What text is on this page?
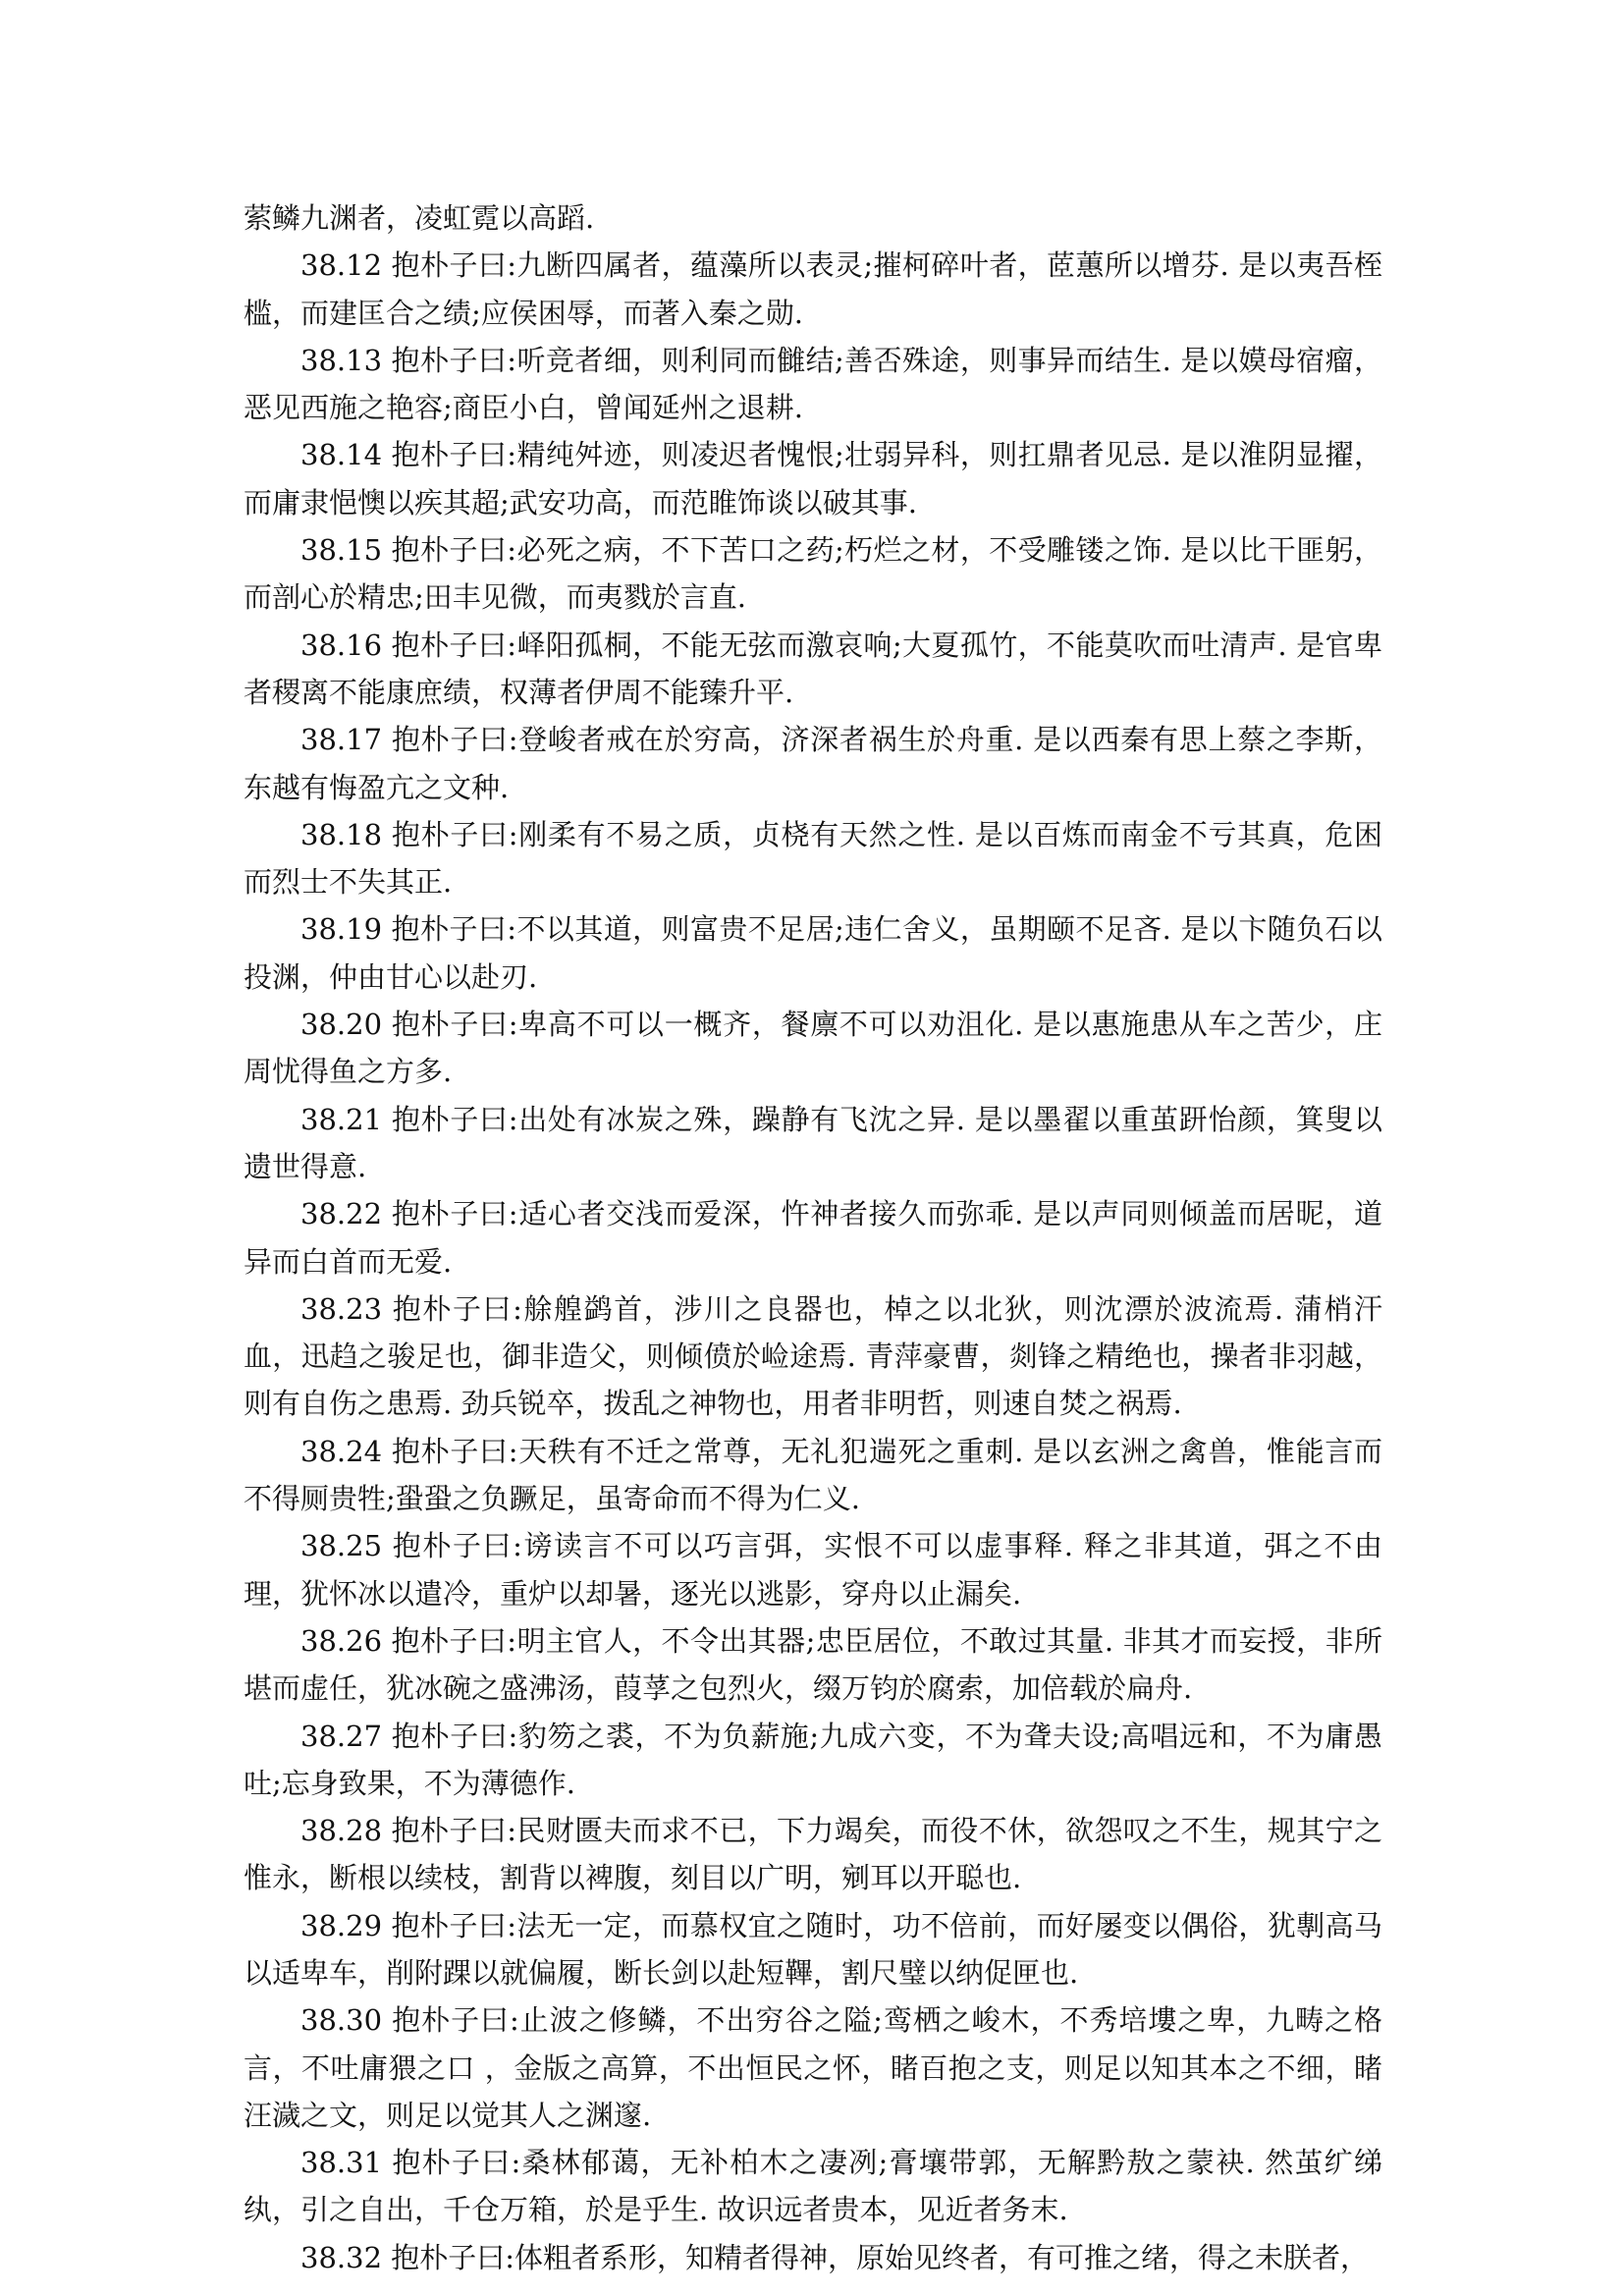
萦鳞九渊者，凌虹霓以高蹈.

38.12 抱朴子曰:九断四属者，蕴藻所以表灵;摧柯碎叶者，茝蕙所以增芬. 是以夷吾桎槛，而建匡合之绩;应侯困辱，而著入秦之勋.

38.13 抱朴子曰:听竞者细，则利同而雠结;善否殊途，则事异而结生. 是以嫫母宿瘤，恶见西施之艳容;商臣小白，曾闻延州之退耕.

38.14 抱朴子曰:精纯舛迹，则凌迟者愧恨;壮弱异科，则扛鼎者见忌. 是以淮阴显擢，而庸隶悒懊以疾其超;武安功高，而范睢饰谈以破其事.

38.15 抱朴子曰:必死之病，不下苦口之药;朽烂之材，不受雕镂之饰. 是以比干匪躬，而剖心於精忠;田丰见微，而夷戮於言直.

38.16 抱朴子曰:峄阳孤桐，不能无弦而激哀响;大夏孤竹，不能莫吹而吐清声. 是官卑者稷离不能康庶绩，权薄者伊周不能臻升平.

38.17 抱朴子曰:登峻者戒在於穷高，济深者祸生於舟重. 是以西秦有思上蔡之李斯，东越有悔盈亢之文种.

38.18 抱朴子曰:刚柔有不易之质，贞桡有天然之性. 是以百炼而南金不亏其真，危困而烈士不失其正.

38.19 抱朴子曰:不以其道，则富贵不足居;违仁舍义，虽期颐不足吝. 是以卞随负石以投渊，仲由甘心以赴刃.

38.20 抱朴子曰:卑高不可以一概齐，餐廪不可以劝沮化. 是以惠施患从车之苦少，庄周忧得鱼之方多.

38.21 抱朴子曰:出处有冰炭之殊，躁静有飞沈之异. 是以墨翟以重茧趼怡颜，箕叟以遗世得意.

38.22 抱朴子曰:适心者交浅而爱深，忤神者接久而弥乖. 是以声同则倾盖而居昵，道异而白首而无爱.

38.23 抱朴子曰:艅艎鹢首，涉川之良器也，棹之以北狄，则沈漂於波流焉. 蒲梢汗血，迅趋之骏足也，御非造父，则倾偾於崄途焉. 青萍豪曹，剡锋之精绝也，操者非羽越，则有自伤之患焉. 劲兵锐卒，拨乱之神物也，用者非明哲，则速自焚之祸焉.

38.24 抱朴子曰:天秩有不迁之常尊，无礼犯遄死之重刺. 是以玄洲之禽兽，惟能言而不得厕贵牲;蛩蛩之负蹶足，虽寄命而不得为仁义.

38.25 抱朴子曰:谤读言不可以巧言弭，实恨不可以虚事释. 释之非其道，弭之不由理，犹怀冰以遣冷，重炉以却暑，逐光以逃影，穿舟以止漏矣.

38.26 抱朴子曰:明主官人，不令出其器;忠臣居位，不敢过其量. 非其才而妄授，非所堪而虚任，犹冰碗之盛沸汤，葭莩之包烈火，缀万钧於腐索，加倍载於扁舟.

38.27 抱朴子曰:豹笏之裘，不为负薪施;九成六变，不为聋夫设;高唱远和，不为庸愚吐;忘身致果，不为薄德作.

38.28 抱朴子曰:民财匮夫而求不已，下力竭矣，而役不休，欲怨叹之不生，规其宁之惟永，断根以续枝，割背以裨腹，刻目以广明，剜耳以开聪也.

38.29 抱朴子曰:法无一定，而慕权宜之随时，功不倍前，而好屡变以偶俗，犹剸高马以适卑车，削附踝以就偏履，断长剑以赴短鞸，割尺璧以纳促匣也.

38.30 抱朴子曰:止波之修鳞，不出穷谷之隘;鸾栖之峻木，不秀培塿之卑，九畴之格言，不吐庸猥之口 ，金版之高算，不出恒民之怀，睹百抱之支，则足以知其本之不细，睹汪濊之文，则足以觉其人之渊邃.

38.31 抱朴子曰:桑林郁蔼，无补柏木之凄冽;膏壤带郭，无解黔敖之蒙袂. 然茧纩绨纨，引之自出，千仓万箱，於是乎生. 故识远者贵本，见近者务末.

38.32 抱朴子曰:体粗者系形，知精者得神，原始见终者，有可推之绪，得之未朕者，
